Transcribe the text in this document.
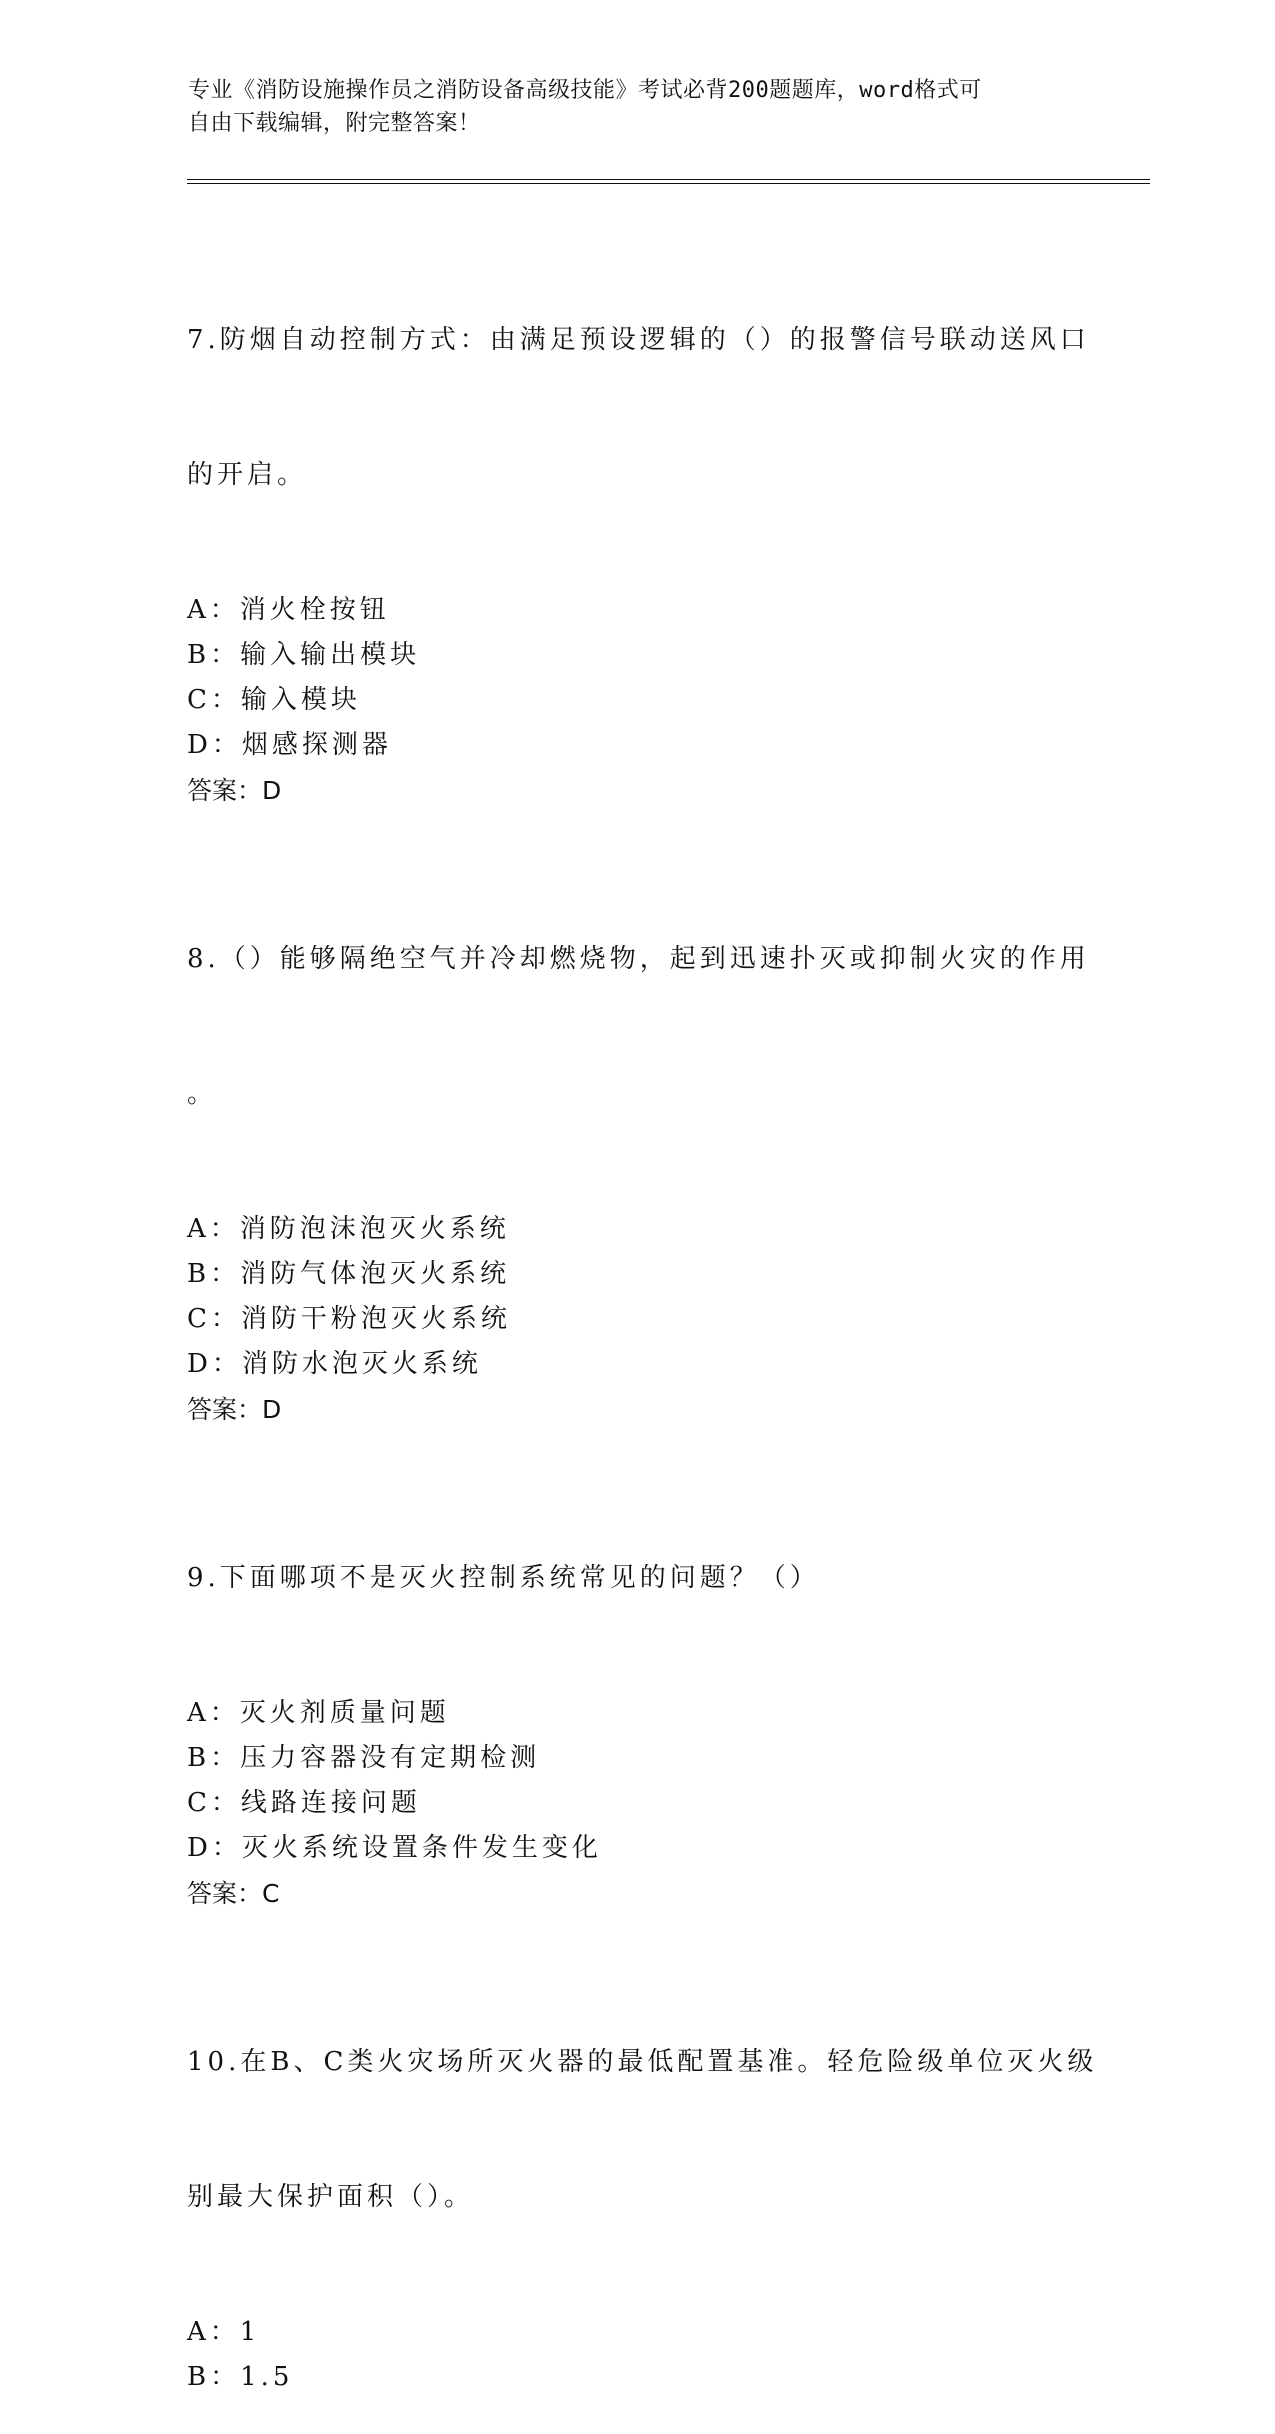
专业《消防设施操作员之消防设备高级技能》考试必背200题题库，word格式可
自由下载编辑，附完整答案！

7.防烟自动控制方式：由满足预设逻辑的（）的报警信号联动送风口

的开启。

A：消火栓按钮
B：输入输出模块
C：输入模块
D：烟感探测器
答案：D

8.（）能够隔绝空气并冷却燃烧物，起到迅速扑灭或抑制火灾的作用

。

A：消防泡沫泡灭火系统
B：消防气体泡灭火系统
C：消防干粉泡灭火系统
D：消防水泡灭火系统
答案：D

9.下面哪项不是灭火控制系统常见的问题？（）

A：灭火剂质量问题
B：压力容器没有定期检测
C：线路连接问题
D：灭火系统设置条件发生变化
答案：C

10.在B、C类火灾场所灭火器的最低配置基准。轻危险级单位灭火级

别最大保护面积（）。

A：1
B：1.5
